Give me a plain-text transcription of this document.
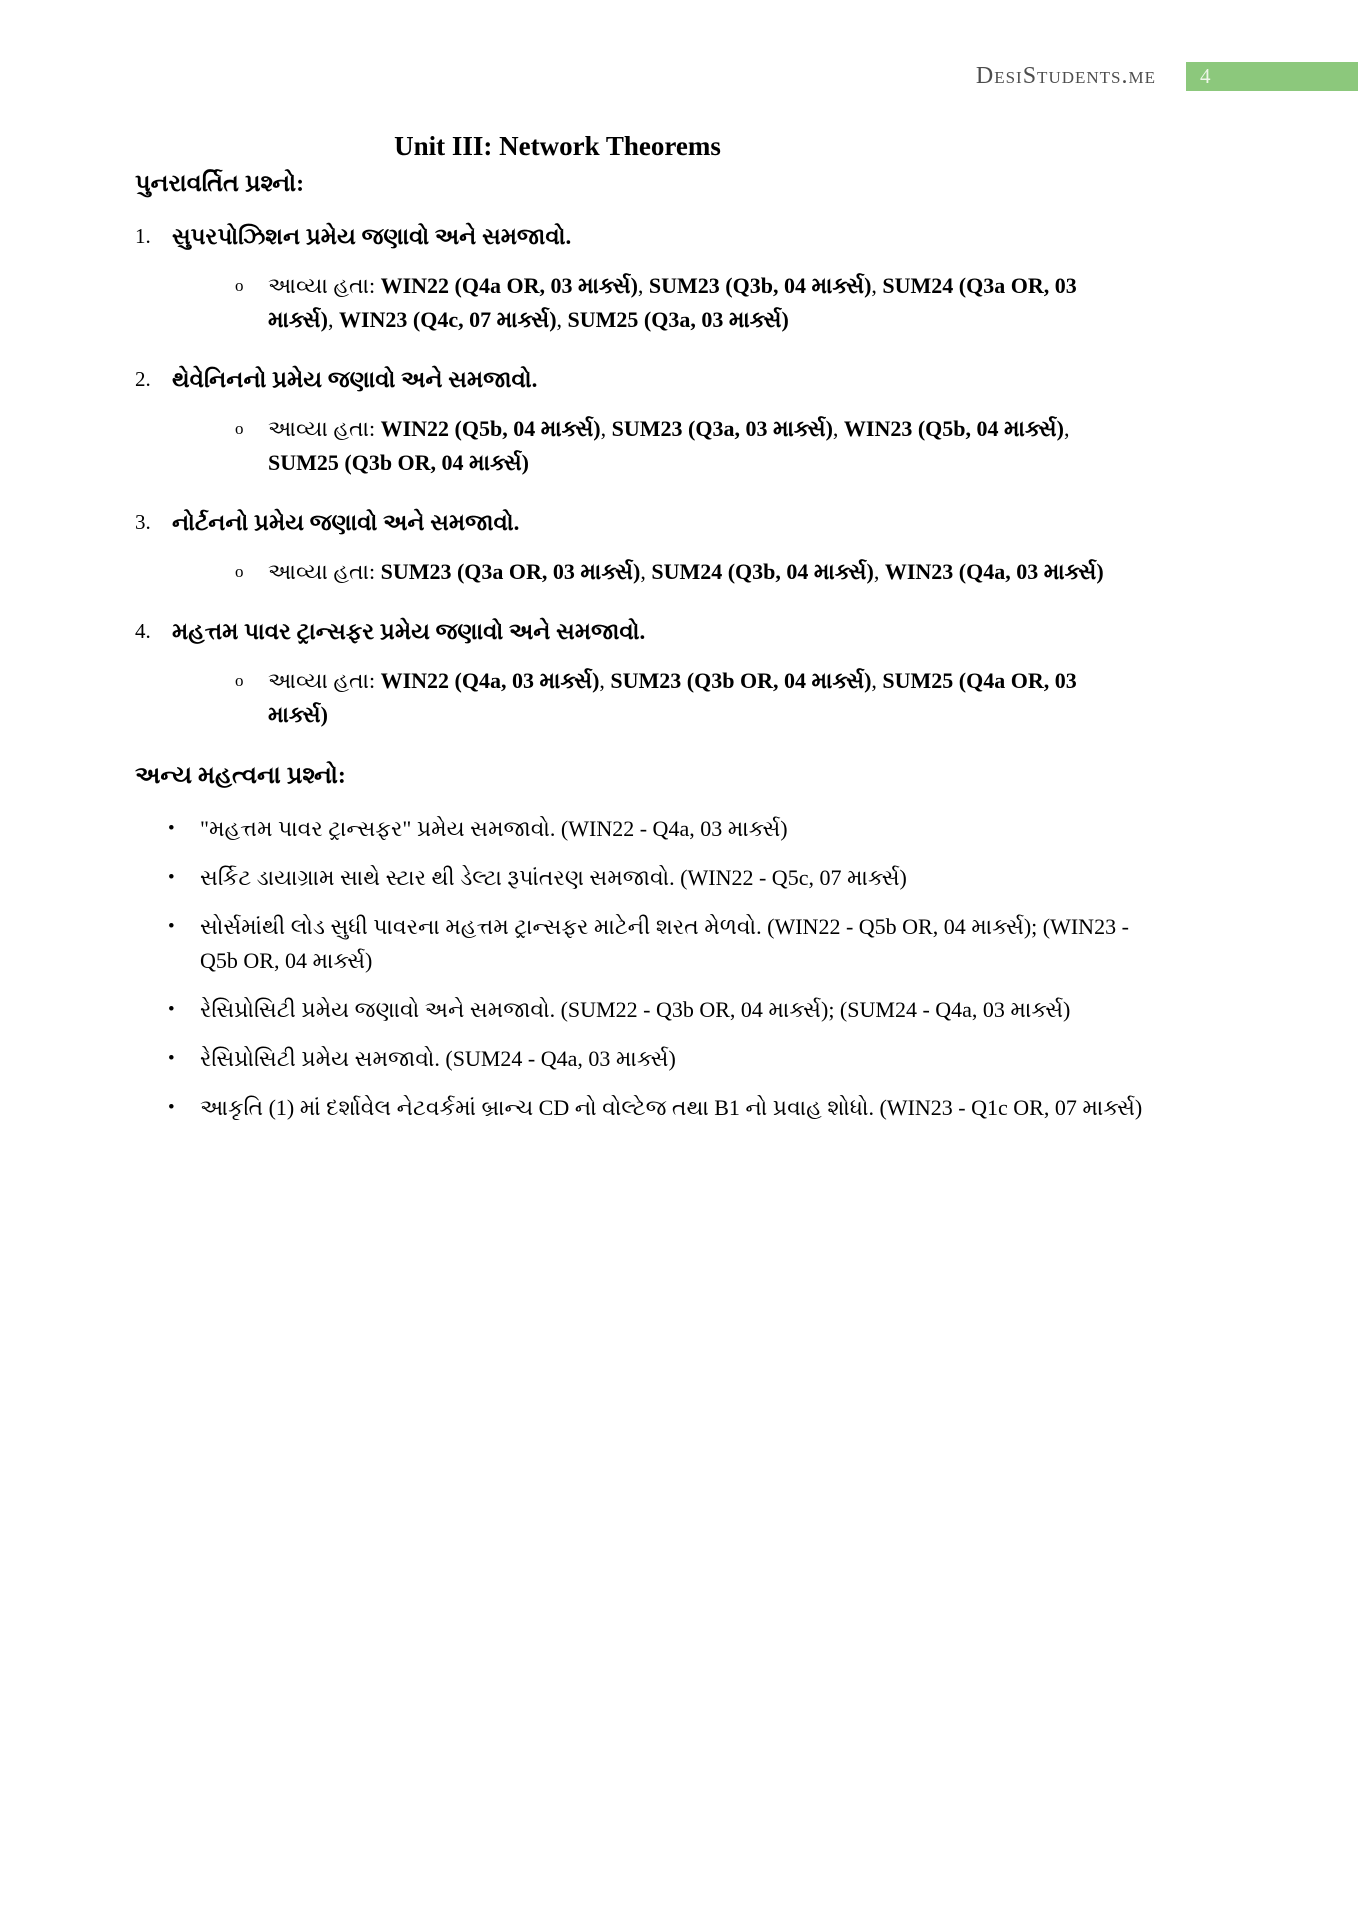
DesiStudents.me 4
Unit III: Network Theorems
પુનરાવર્તિત પ્રશ્નો:
1. સુપરપોઝિશન પ્રમેય જણાવો અને સમજાવો.
o	આવ્યા હતા: WIN22 (Q4a OR, 03 માર્ક્સ), SUM23 (Q3b, 04 માર્ક્સ), SUM24 (Q3a OR, 03 માર્ક્સ), WIN23 (Q4c, 07 માર્ક્સ), SUM25 (Q3a, 03 માર્ક્સ)
2. થેવેનિનનો પ્રમેય જણાવો અને સમજાવો.
o	આવ્યા હતા: WIN22 (Q5b, 04 માર્ક્સ), SUM23 (Q3a, 03 માર્ક્સ), WIN23 (Q5b, 04 માર્ક્સ), SUM25 (Q3b OR, 04 માર્ક્સ)
3. નોર્ટનનો પ્રમેય જણાવો અને સમજાવો.
o	આવ્યા હતા: SUM23 (Q3a OR, 03 માર્ક્સ), SUM24 (Q3b, 04 માર્ક્સ), WIN23 (Q4a, 03 માર્ક્સ)
4. મહત્તમ પાવર ટ્રાન્સફર પ્રમેય જણાવો અને સમજાવો.
o	આવ્યા હતા: WIN22 (Q4a, 03 માર્ક્સ), SUM23 (Q3b OR, 04 માર્ક્સ), SUM25 (Q4a OR, 03 માર્ક્સ)
અન્ય મહત્વના પ્રશ્નો:
•	"મહત્તમ પાવર ટ્રાન્સફર" પ્રમેય સમજાવો. (WIN22 - Q4a, 03 માર્ક્સ)
•	સર્કિટ ડાયાગ્રામ સાથે સ્ટાર થી ડેલ્ટા રૂપાંતરણ સમજાવો. (WIN22 - Q5c, 07 માર્ક્સ)
•	સોર્સમાંથી લોડ સુધી પાવરના મહત્તમ ટ્રાન્સફર માટેની શરત મેળવો. (WIN22 - Q5b OR, 04 માર્ક્સ); (WIN23 - Q5b OR, 04 માર્ક્સ)
•	રેસિપ્રોસિટી પ્રમેય જણાવો અને સમજાવો. (SUM22 - Q3b OR, 04 માર્ક્સ); (SUM24 - Q4a, 03 માર્ક્સ)
•	રેસિપ્રોસિટી પ્રમેય સમજાવો. (SUM24 - Q4a, 03 માર્ક્સ)
•	આકૃતિ (1) માં દર્શાવેલ નેટવર્કમાં બ્રાન્ચ CD નો વોલ્ટેજ તથા B1 નો પ્રવાહ શોધો. (WIN23 - Q1c OR, 07 માર્ક્સ)
